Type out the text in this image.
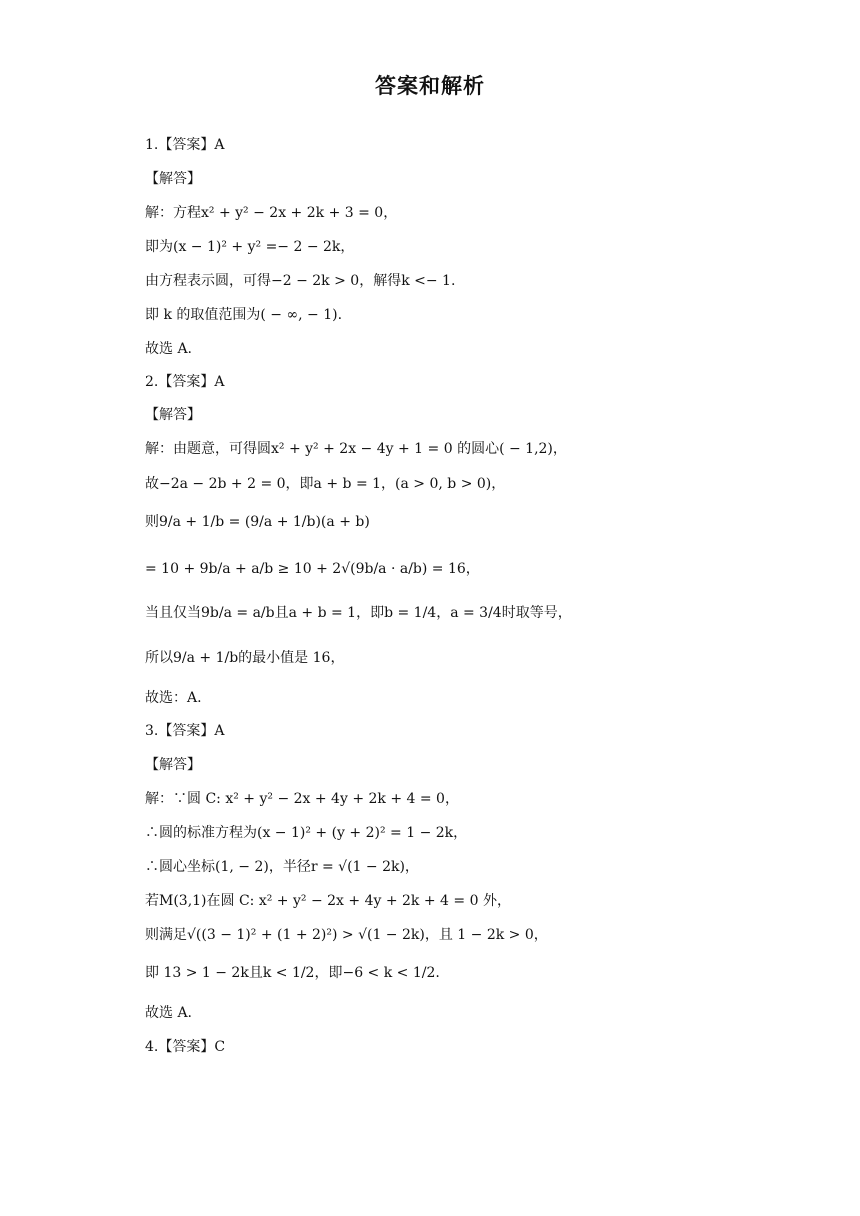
答案和解析
1.【答案】A
【解答】
解：方程x² + y² − 2x + 2k + 3 = 0，
即为(x − 1)² + y² =− 2 − 2k，
由方程表示圆，可得−2 − 2k > 0，解得k <− 1.
即 k 的取值范围为( − ∞, − 1).
故选 A.
2.【答案】A
【解答】
解：由题意，可得圆x² + y² + 2x − 4y + 1 = 0 的圆心( − 1,2)，
故−2a − 2b + 2 = 0，即a + b = 1，(a > 0, b > 0)，
则9/a + 1/b = (9/a + 1/b)(a + b)
= 10 + 9b/a + a/b ≥ 10 + 2√(9b/a · a/b) = 16，
当且仅当9b/a = a/b且a + b = 1，即b = 1/4，a = 3/4时取等号，
所以9/a + 1/b的最小值是 16，
故选：A.
3.【答案】A
【解答】
解：∵圆 C: x² + y² − 2x + 4y + 2k + 4 = 0，
∴圆的标准方程为(x − 1)² + (y + 2)² = 1 − 2k，
∴圆心坐标(1, − 2)，半径r = √(1 − 2k)，
若M(3,1)在圆 C: x² + y² − 2x + 4y + 2k + 4 = 0 外，
则满足√((3 − 1)² + (1 + 2)²) > √(1 − 2k)，且 1 − 2k > 0，
即 13 > 1 − 2k且k < 1/2，即−6 < k < 1/2.
故选 A.
4.【答案】C
